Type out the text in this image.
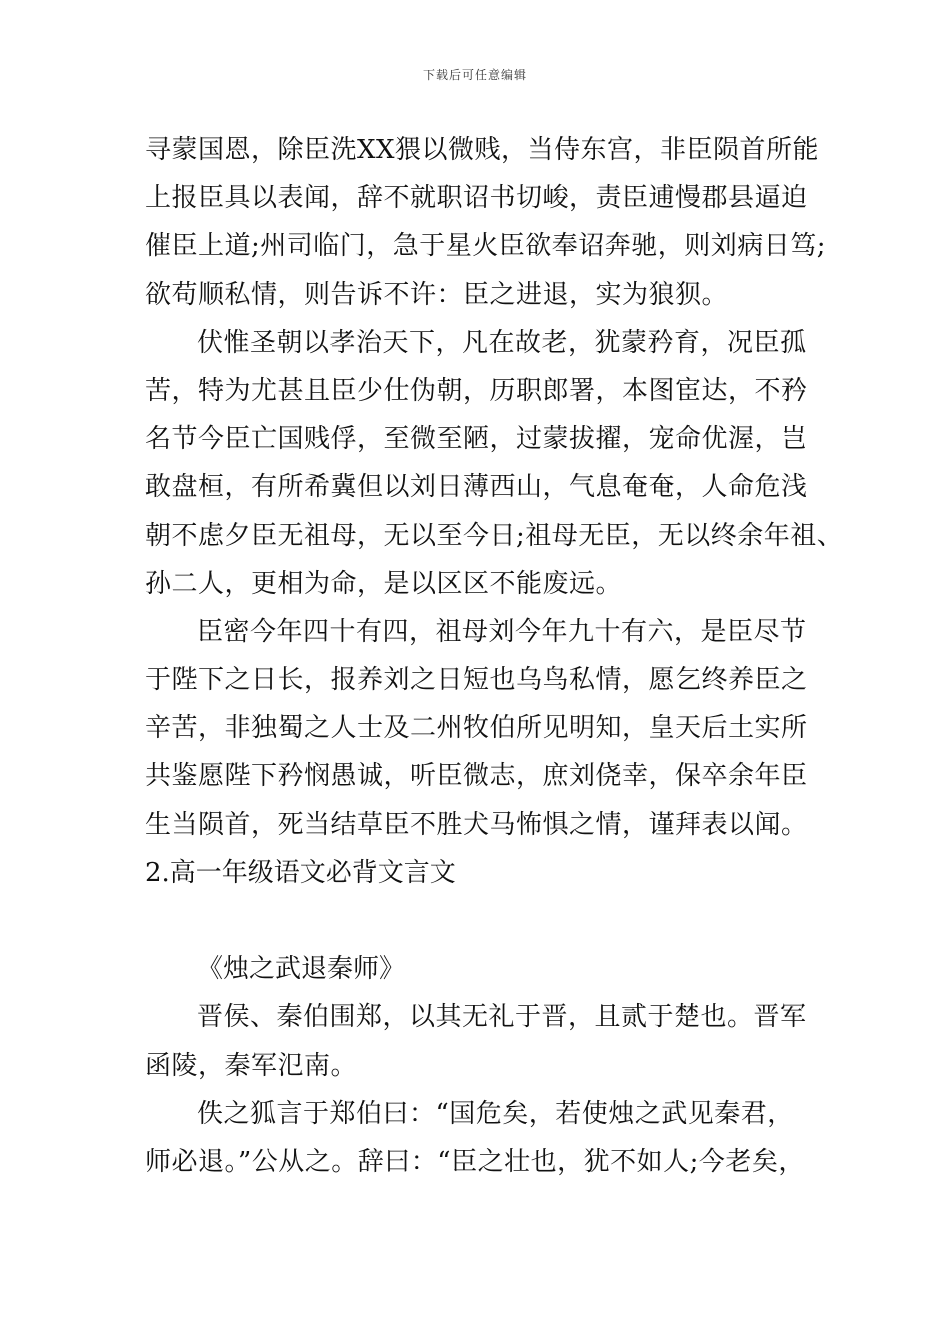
下载后可任意编辑
寻蒙国恩，除臣洗XX猥以微贱，当侍东宫，非臣陨首所能
上报臣具以表闻，辞不就职诏书切峻，责臣逋慢郡县逼迫
催臣上道;州司临门，急于星火臣欲奉诏奔驰，则刘病日笃;
欲苟顺私情，则告诉不许：臣之进退，实为狼狈。
伏惟圣朝以孝治天下，凡在故老，犹蒙矜育，况臣孤
苦，特为尤甚且臣少仕伪朝，历职郎署，本图宦达，不矜
名节今臣亡国贱俘，至微至陋，过蒙拔擢，宠命优渥，岂
敢盘桓，有所希冀但以刘日薄西山，气息奄奄，人命危浅
朝不虑夕臣无祖母，无以至今日;祖母无臣，无以终余年祖、
孙二人，更相为命，是以区区不能废远。
臣密今年四十有四，祖母刘今年九十有六，是臣尽节
于陛下之日长，报养刘之日短也乌鸟私情，愿乞终养臣之
辛苦，非独蜀之人士及二州牧伯所见明知，皇天后土实所
共鉴愿陛下矜悯愚诚，听臣微志，庶刘侥幸，保卒余年臣
生当陨首，死当结草臣不胜犬马怖惧之情，谨拜表以闻。
2.高一年级语文必背文言文
《烛之武退秦师》
晋侯、秦伯围郑，以其无礼于晋，且贰于楚也。晋军
函陵，秦军氾南。
佚之狐言于郑伯曰：“国危矣，若使烛之武见秦君，
师必退。”公从之。辞曰：“臣之壮也，犹不如人;今老矣，
